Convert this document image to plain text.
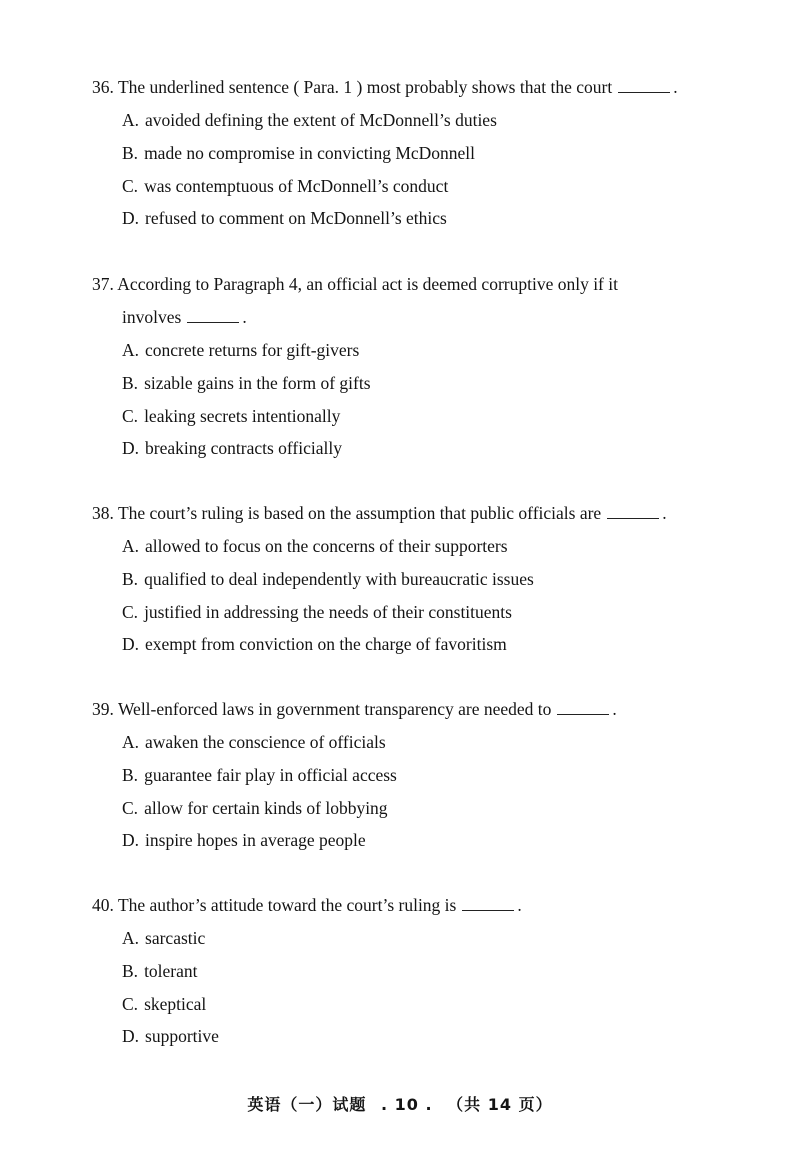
36. The underlined sentence ( Para. 1 ) most probably shows that the court	.

A. avoided defining the extent of McDonnell’s duties
B. made no compromise in convicting McDonnell
C. was contemptuous of McDonnell’s conduct
D. refused to comment on McDonnell’s ethics

37. According to Paragraph 4, an official act is deemed corruptive only if it
involves	.

A. concrete returns for gift-givers
B. sizable gains in the form of gifts
C. leaking secrets intentionally
D. breaking contracts officially

38. The court’s ruling is based on the assumption that public officials are	.

A. allowed to focus on the concerns of their supporters
B. qualified to deal independently with bureaucratic issues
C. justified in addressing the needs of their constituents
D. exempt from conviction on the charge of favoritism

39. Well-enforced laws in government transparency are needed to	.

A. awaken the conscience of officials
B. guarantee fair play in official access
C. allow for certain kinds of lobbying
D. inspire hopes in average people

40. The author’s attitude toward the court’s ruling is	.

A. sarcastic
B. tolerant
C. skeptical
D. supportive
英语（一）试题 . 10 . （共 14 页）
